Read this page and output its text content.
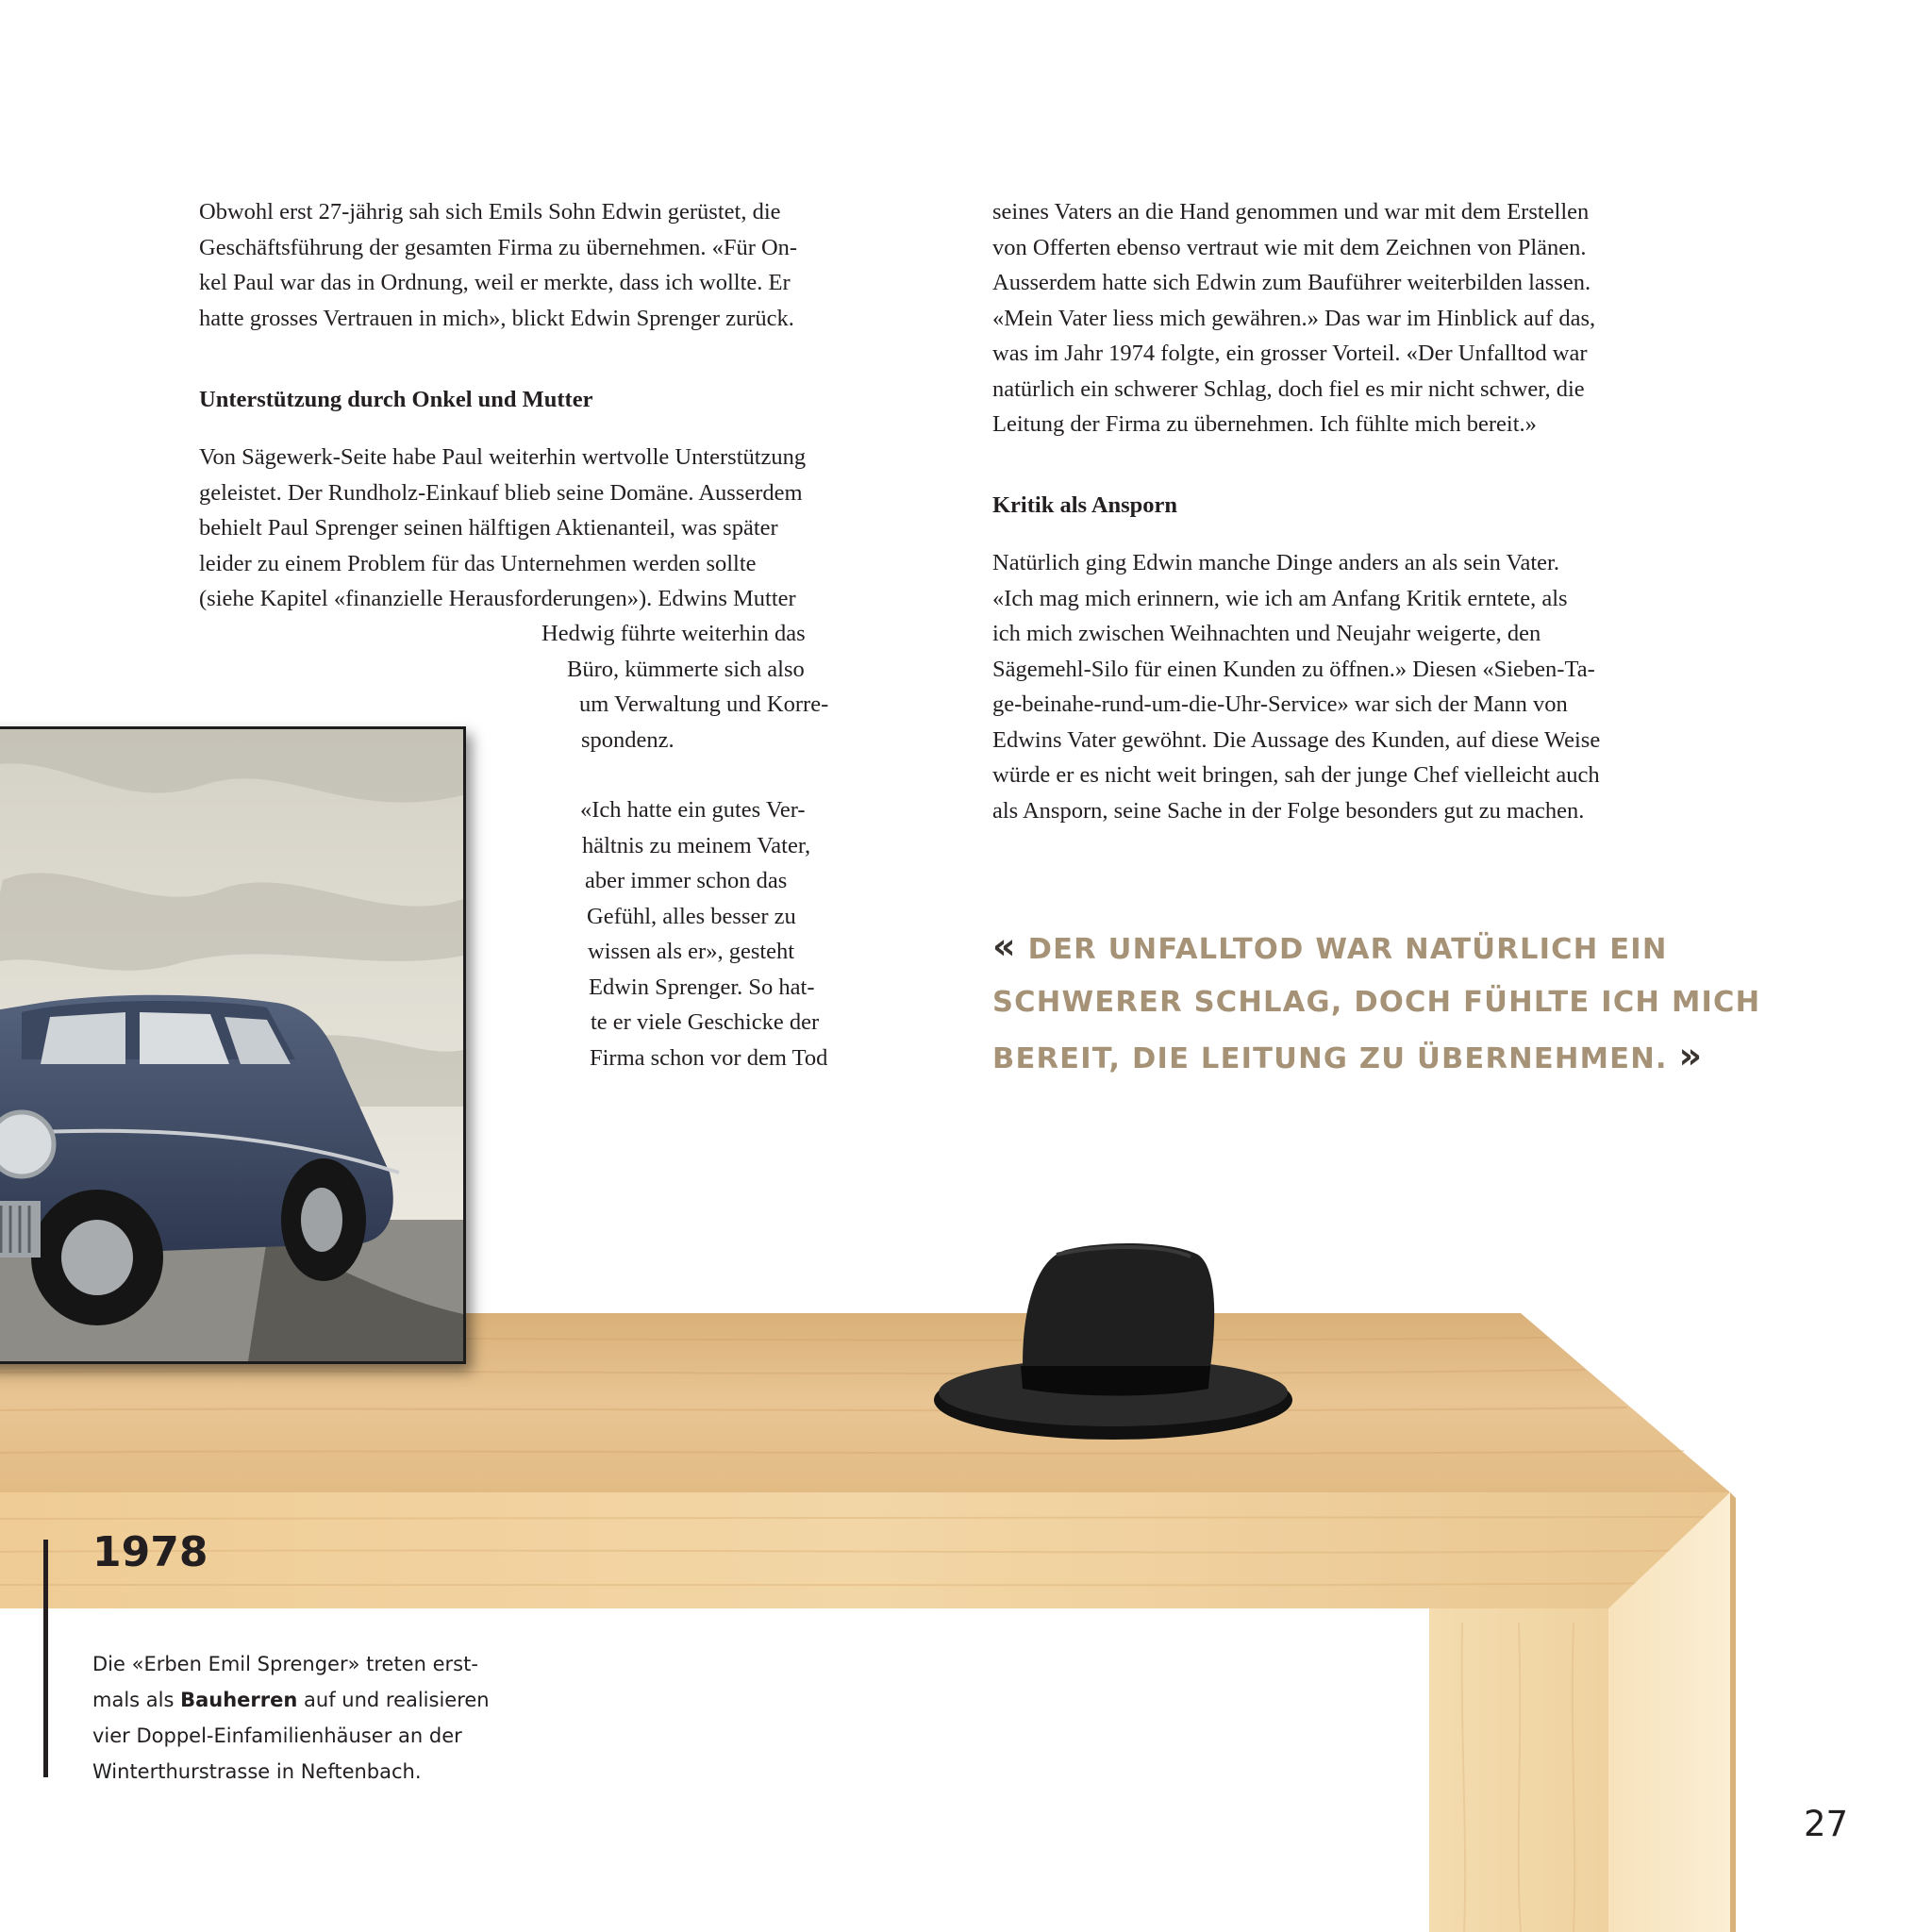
Obwohl erst 27-jährig sah sich Emils Sohn Edwin gerüstet, die
Geschäftsführung der gesamten Firma zu übernehmen. «Für On-
kel Paul war das in Ordnung, weil er merkte, dass ich wollte. Er
hatte grosses Vertrauen in mich», blickt Edwin Sprenger zurück.
Unterstützung durch Onkel und Mutter
Von Sägewerk-Seite habe Paul weiterhin wertvolle Unterstützung
geleistet. Der Rundholz-Einkauf blieb seine Domäne. Ausserdem
behielt Paul Sprenger seinen hälftigen Aktienanteil, was später
leider zu einem Problem für das Unternehmen werden sollte
(siehe Kapitel «finanzielle Herausforderungen»). Edwins Mutter
Hedwig führte weiterhin das
Büro, kümmerte sich also
um Verwaltung und Korre-
spondenz.
«Ich hatte ein gutes Ver-
hältnis zu meinem Vater,
aber immer schon das
Gefühl, alles besser zu
wissen als er», gesteht
Edwin Sprenger. So hat-
te er viele Geschicke der
Firma schon vor dem Tod
seines Vaters an die Hand genommen und war mit dem Erstellen
von Offerten ebenso vertraut wie mit dem Zeichnen von Plänen.
Ausserdem hatte sich Edwin zum Bauführer weiterbilden lassen.
«Mein Vater liess mich gewähren.» Das war im Hinblick auf das,
was im Jahr 1974 folgte, ein grosser Vorteil. «Der Unfalltod war
natürlich ein schwerer Schlag, doch fiel es mir nicht schwer, die
Leitung der Firma zu übernehmen. Ich fühlte mich bereit.»
Kritik als Ansporn
Natürlich ging Edwin manche Dinge anders an als sein Vater.
«Ich mag mich erinnern, wie ich am Anfang Kritik erntete, als
ich mich zwischen Weihnachten und Neujahr weigerte, den
Sägemehl-Silo für einen Kunden zu öffnen.» Diesen «Sieben-Ta-
ge-beinahe-rund-um-die-Uhr-Service» war sich der Mann von
Edwins Vater gewöhnt. Die Aussage des Kunden, auf diese Weise
würde er es nicht weit bringen, sah der junge Chef vielleicht auch
als Ansporn, seine Sache in der Folge besonders gut zu machen.
« DER UNFALLTOD WAR NATÜRLICH EIN
SCHWERER SCHLAG, DOCH FÜHLTE ICH MICH
BEREIT, DIE LEITUNG ZU ÜBERNEHMEN. »
1978
Die «Erben Emil Sprenger» treten erst-
mals als Bauherren auf und realisieren
vier Doppel-Einfamilienhäuser an der
Winterthurstrasse in Neftenbach.
27
